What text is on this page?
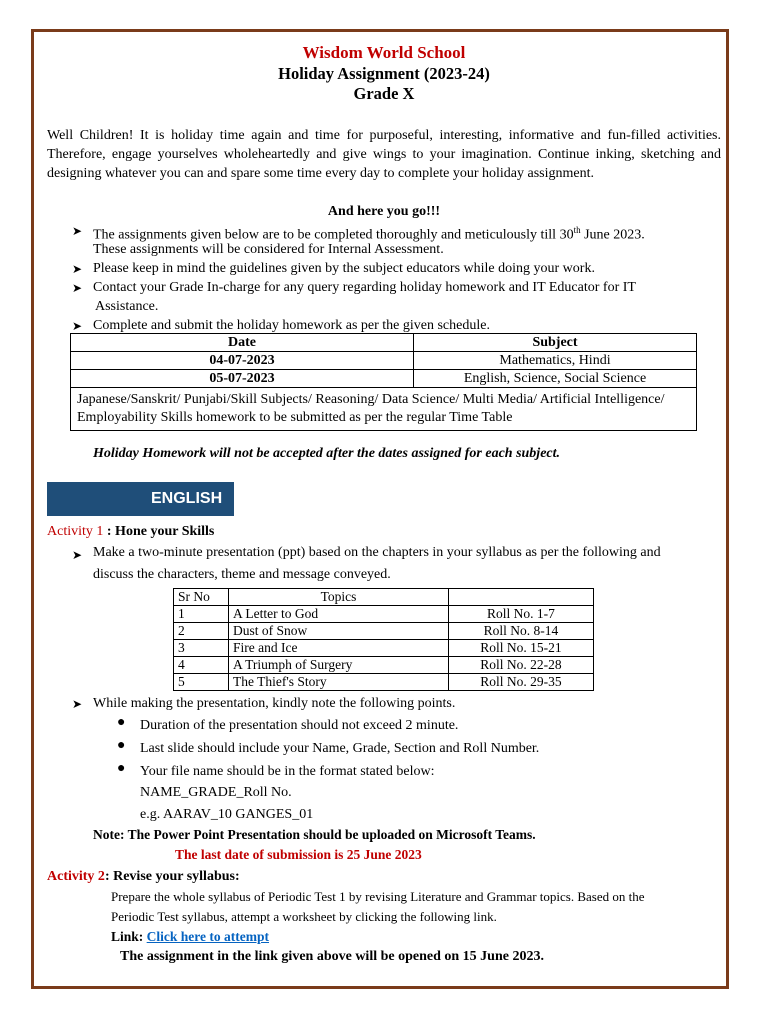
Wisdom World School
Holiday Assignment (2023-24)
Grade X

Well Children! It is holiday time again and time for purposeful, interesting, informative and fun-filled activities. Therefore, engage yourselves wholeheartedly and give wings to your imagination. Continue inking, sketching and designing whatever you can and spare some time every day to complete your holiday assignment.

And here you go!!!
➤ The assignments given below are to be completed thoroughly and meticulously till 30th June 2023.
These assignments will be considered for Internal Assessment.
➤ Please keep in mind the guidelines given by the subject educators while doing your work.
➤ Contact your Grade In-charge for any query regarding holiday homework and IT Educator for IT
Assistance.
➤ Complete and submit the holiday homework as per the given schedule.
Date	Subject
04-07-2023	Mathematics, Hindi
05-07-2023	English, Science, Social Science
Japanese/Sanskrit/ Punjabi/Skill Subjects/ Reasoning/ Data Science/ Multi Media/ Artificial Intelligence/ Employability Skills homework to be submitted as per the regular Time Table	
Holiday Homework will not be accepted after the dates assigned for each subject.
ENGLISH
Activity 1 : Hone your Skills
➤ Make a two-minute presentation (ppt) based on the chapters in your syllabus as per the following and
discuss the characters, theme and message conveyed.
Sr No	Topics	
1	A Letter to God	Roll No. 1-7
2	Dust of Snow	Roll No. 8-14
3	Fire and Ice	Roll No. 15-21
4	A Triumph of Surgery	Roll No. 22-28
5	The Thief's Story	Roll No. 29-35
➤ While making the presentation, kindly note the following points.
● Duration of the presentation should not exceed 2 minute.
● Last slide should include your Name, Grade, Section and Roll Number.
● Your file name should be in the format stated below:
NAME_GRADE_Roll No.
e.g. AARAV_10 GANGES_01
Note: The Power Point Presentation should be uploaded on Microsoft Teams.
The last date of submission is 25 June 2023
Activity 2: Revise your syllabus:
Prepare the whole syllabus of Periodic Test 1 by revising Literature and Grammar topics. Based on the
Periodic Test syllabus, attempt a worksheet by clicking the following link.
Link: Click here to attempt
The assignment in the link given above will be opened on 15 June 2023.
